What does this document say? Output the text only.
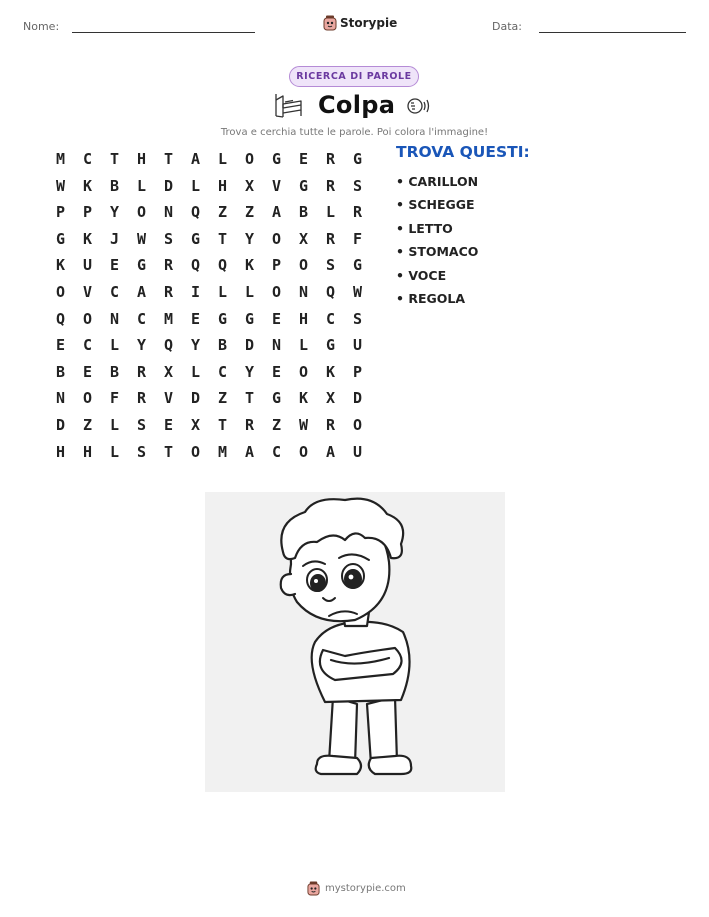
Nome:	Storypie	Data:
RICERCA DI PAROLE
Colpa
Trova e cerchia tutte le parole. Poi colora l'immagine!
M	C	T	H	T	A	L	O	G	E	R	G
W	K	B	L	D	L	H	X	V	G	R	S
P	P	Y	O	N	Q	Z	Z	A	B	L	R
G	K	J	W	S	G	T	Y	O	X	R	F
K	U	E	G	R	Q	Q	K	P	O	S	G
O	V	C	A	R	I	L	L	O	N	Q	W
Q	O	N	C	M	E	G	G	E	H	C	S
E	C	L	Y	Q	Y	B	D	N	L	G	U
B	E	B	R	X	L	C	Y	E	O	K	P
N	O	F	R	V	D	Z	T	G	K	X	D
D	Z	L	S	E	X	T	R	Z	W	R	O
H	H	L	S	T	O	M	A	C	O	A	U
TROVA QUESTI:
• CARILLON
• SCHEGGE
• LETTO
• STOMACO
• VOCE
• REGOLA
mystorypie.com
